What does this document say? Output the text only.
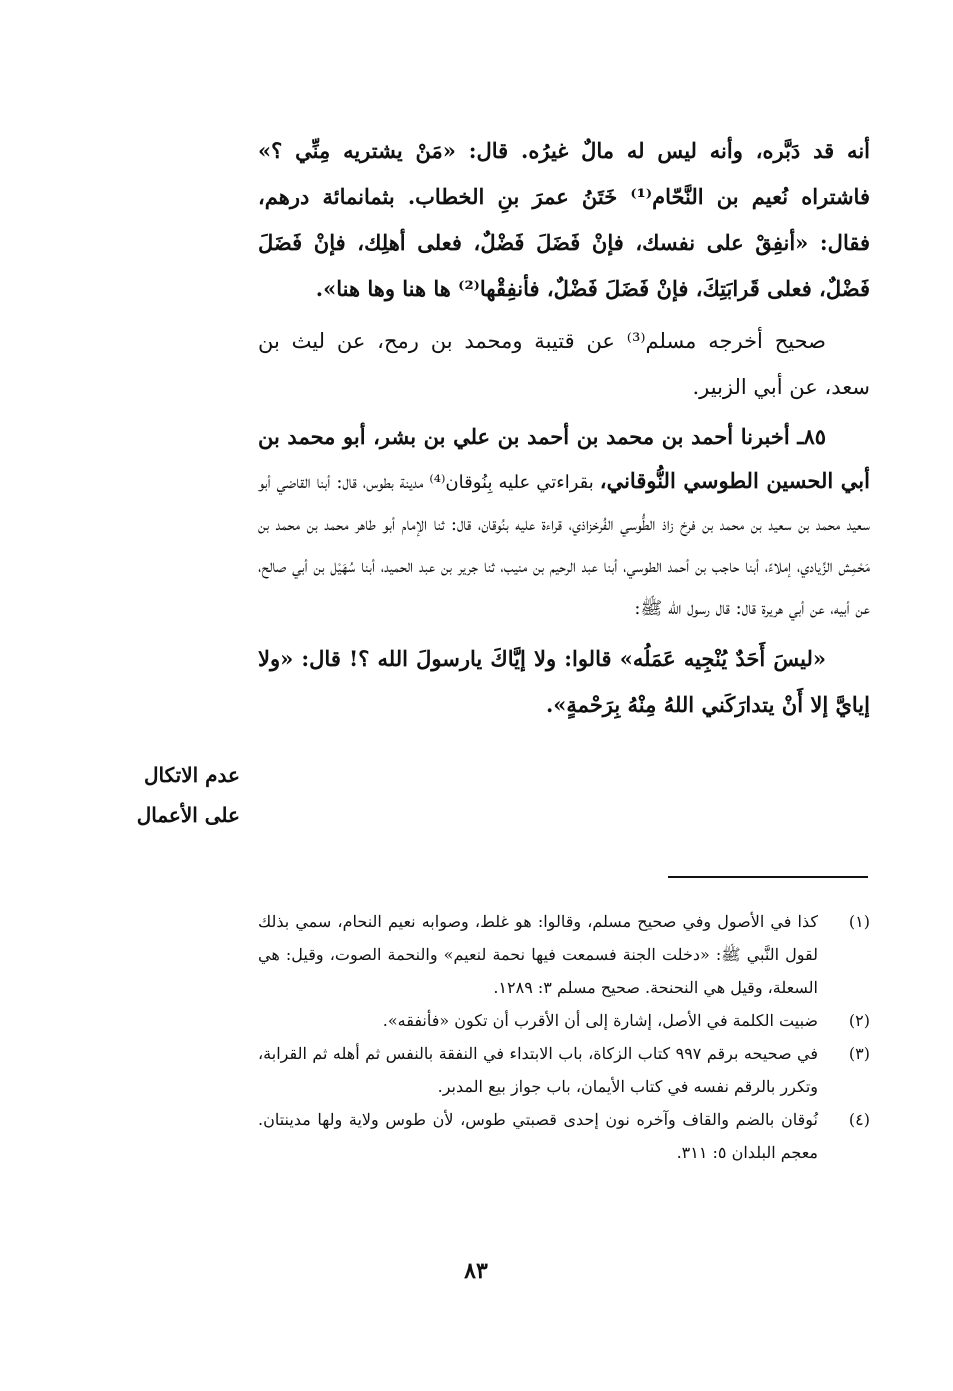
أنه قد دَبَّره، وأنه ليس له مالٌ غيرُه. قال: «مَنْ يشتريه مِنِّي ؟» فاشتراه نُعيم بن النَّحّام⁽¹⁾ خَتَنُ عمرَ بنِ الخطاب. بثمانمائة درهم، فقال: «أنفِقْ على نفسك، فإنْ فَضَلَ فَضْلٌ، فعلى أهلِك، فإنْ فَضَلَ فَضْلٌ، فعلى قَرابَتِكَ، فإنْ فَضَلَ فَضْلٌ، فأنفِقْها⁽²⁾ ها هنا وها هنا».

صحيح أخرجه مسلم⁽³⁾ عن قتيبة ومحمد بن رمح، عن ليث بن سعد، عن أبي الزبير.

٨٥ـ أخبرنا أحمد بن محمد بن أحمد بن علي بن بشر، أبو محمد بن أبي الحسين الطوسي النُّوقاني، بقراءتي عليه بِنُوقان⁽⁴⁾ مدينة بطوس، قال: أبنا القاضي أبو سعيد محمد بن سعيد بن محمد بن فرخ زاذ الطُّوسي الفُرخزاذي، قراءة عليه بنُوقان، قال: ثنا الإمام أبو طاهر محمد بن محمد بن مَحْمِش الزِّيادي، إملاءً، أبنا حاجب بن أحمد الطوسي، أبنا عبد الرحيم بن منيب، ثنا جرير بن عبد الحميد، أبنا سُهَيْل بن أبي صالح، عن أبيه، عن أبي هريرة قال: قال رسول الله ﷺ:

«ليسَ أَحَدٌ يُنْجِيه عَمَلُه» قالوا: ولا إيَّاكَ يارسولَ الله ؟! قال: «ولا إيايَّ إلا أَنْ يتدارَكَني اللهُ مِنْهُ بِرَحْمةٍ».

عدم الاتكال
على الأعمال
(١)
كذا في الأصول وفي صحيح مسلم، وقالوا: هو غلط، وصوابه نعيم النحام، سمي بذلك لقول النَّبي ﷺ: «دخلت الجنة فسمعت فيها نحمة لنعيم» والنحمة الصوت، وقيل: هي السعلة، وقيل هي النحنحة. صحيح مسلم ٣: ١٢٨٩.
(٢)
ضبيت الكلمة في الأصل، إشارة إلى أن الأقرب أن تكون «فأنفقه».
(٣)
في صحيحه برقم ٩٩٧ كتاب الزكاة، باب الابتداء في النفقة بالنفس ثم أهله ثم القرابة، وتكرر بالرقم نفسه في كتاب الأيمان، باب جواز بيع المدبر.
(٤)
نُوقان بالضم والقاف وآخره نون إحدى قصبتي طوس، لأن طوس ولاية ولها مدينتان. معجم البلدان ٥: ٣١١.
٨٣
